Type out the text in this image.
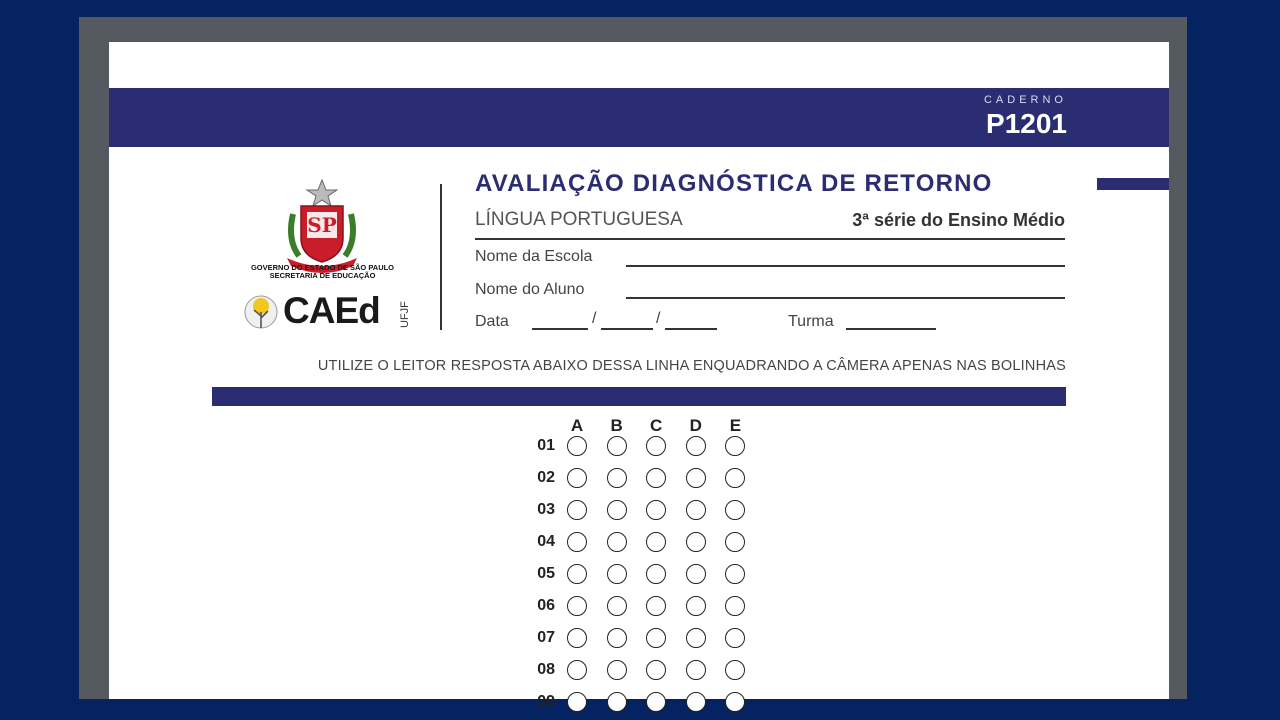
CADERNO
P1201
SP
GOVERNO DO ESTADO DE SÃO PAULO
SECRETARIA DE EDUCAÇÃO
CAEd UFJF
AVALIAÇÃO DIAGNÓSTICA DE RETORNO
LÍNGUA PORTUGUESA	3ª série do Ensino Médio
Nome da Escola
Nome do Aluno
Data	/	/	Turma
UTILIZE O LEITOR RESPOSTA ABAIXO DESSA LINHA ENQUADRANDO A CÂMERA APENAS NAS BOLINHAS
A B C D E
01
02
03
04
05
06
07
08
09
